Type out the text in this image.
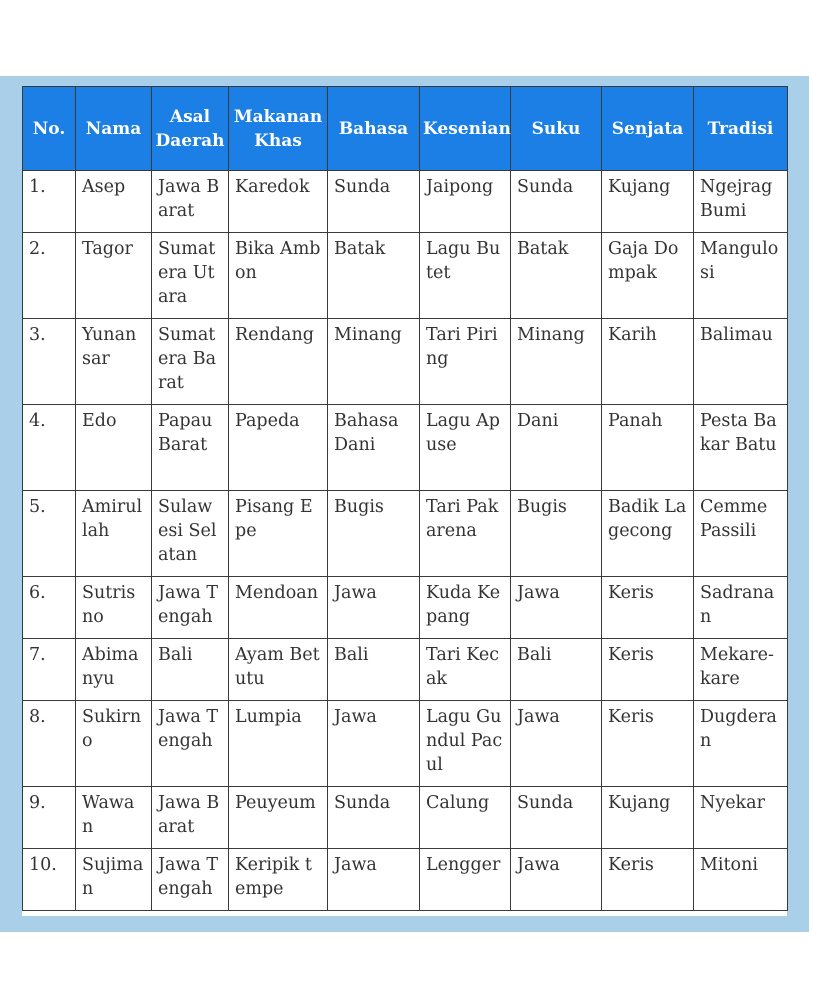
No.	Nama	Asal Daerah	Makanan Khas	Bahasa	Kesenian	Suku	Senjata	Tradisi
1.	Asep	Jawa Barat	Karedok	Sunda	Jaipong	Sunda	Kujang	Ngejrag Bumi
2.	Tagor	Sumatera Utara	Bika Ambon	Batak	Lagu Butet	Batak	Gaja Dompak	Mangulosi
3.	Yunansar	Sumatera Barat	Rendang	Minang	Tari Piring	Minang	Karih	Balimau
4.	Edo	Papau Barat	Papeda	Bahasa Dani	Lagu Apuse	Dani	Panah	Pesta Bakar Batu
5.	Amirullah	Sulawesi Selatan	Pisang Epe	Bugis	Tari Pakarena	Bugis	Badik Lagecong	Cemme Passili
6.	Sutrisno	Jawa Tengah	Mendoan	Jawa	Kuda Kepang	Jawa	Keris	Sadranan
7.	Abimanyu	Bali	Ayam Betutu	Bali	Tari Kecak	Bali	Keris	Mekare-kare
8.	Sukirno	Jawa Tengah	Lumpia	Jawa	Lagu Gundul Pacul	Jawa	Keris	Dugderan
9.	Wawan	Jawa Barat	Peuyeum	Sunda	Calung	Sunda	Kujang	Nyekar
10.	Sujiman	Jawa Tengah	Keripik tempe	Jawa	Lengger	Jawa	Keris	Mitoni
